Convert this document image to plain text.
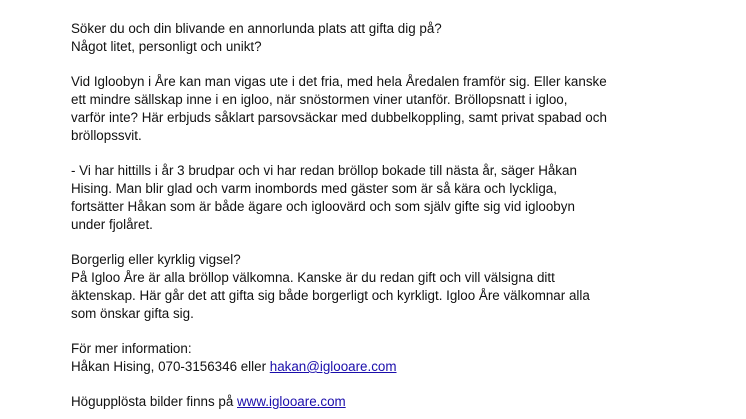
Söker du och din blivande en annorlunda plats att gifta dig på?
Något litet, personligt och unikt?

Vid Igloobyn i Åre kan man vigas ute i det fria, med hela Åredalen framför sig. Eller kanske
ett mindre sällskap inne i en igloo, när snöstormen viner utanför. Bröllopsnatt i igloo,
varför inte? Här erbjuds såklart parsovsäckar med dubbelkoppling, samt privat spabad och
bröllopssvit.

- Vi har hittills i år 3 brudpar och vi har redan bröllop bokade till nästa år, säger Håkan
Hising. Man blir glad och varm inombords med gäster som är så kära och lyckliga,
fortsätter Håkan som är både ägare och igloovärd och som själv gifte sig vid igloobyn
under fjolåret.

Borgerlig eller kyrklig vigsel?
På Igloo Åre är alla bröllop välkomna. Kanske är du redan gift och vill välsigna ditt
äktenskap. Här går det att gifta sig både borgerligt och kyrkligt. Igloo Åre välkomnar alla
som önskar gifta sig.

För mer information:
Håkan Hising, 070-3156346 eller hakan@iglooare.com

Högupplösta bilder finns på www.iglooare.com
